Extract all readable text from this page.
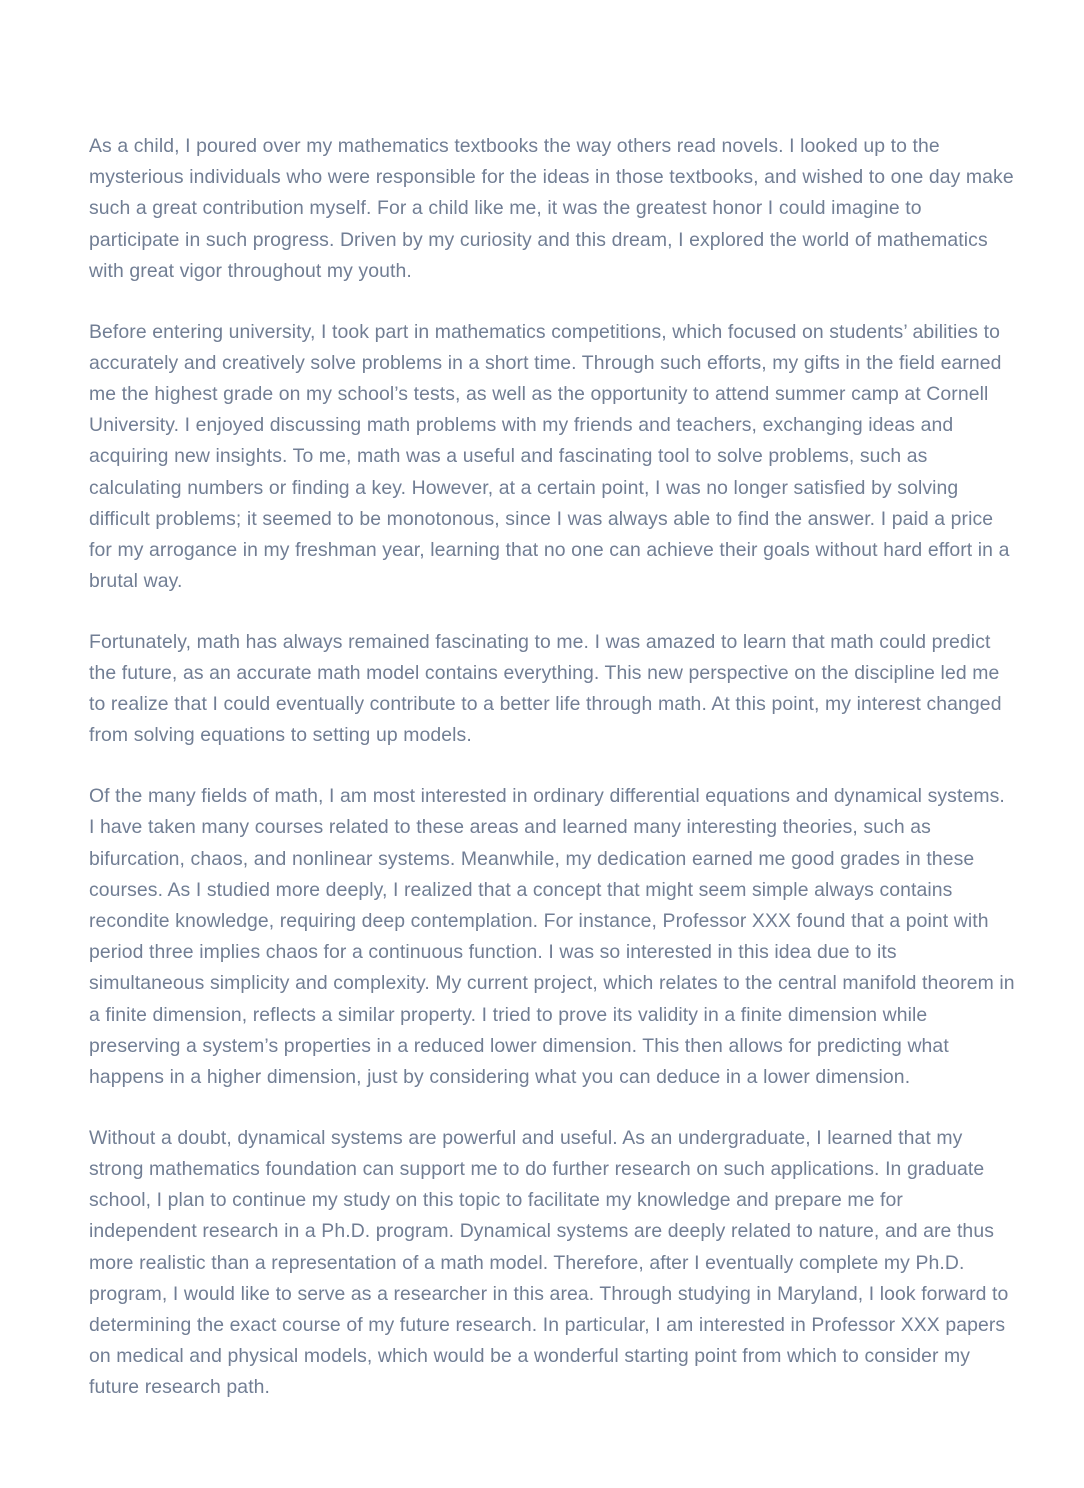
As a child, I poured over my mathematics textbooks the way others read novels. I looked up to the mysterious individuals who were responsible for the ideas in those textbooks, and wished to one day make such a great contribution myself. For a child like me, it was the greatest honor I could imagine to participate in such progress. Driven by my curiosity and this dream, I explored the world of mathematics with great vigor throughout my youth.

Before entering university, I took part in mathematics competitions, which focused on students’ abilities to accurately and creatively solve problems in a short time. Through such efforts, my gifts in the field earned me the highest grade on my school’s tests, as well as the opportunity to attend summer camp at Cornell University. I enjoyed discussing math problems with my friends and teachers, exchanging ideas and acquiring new insights. To me, math was a useful and fascinating tool to solve problems, such as calculating numbers or finding a key. However, at a certain point, I was no longer satisfied by solving difficult problems; it seemed to be monotonous, since I was always able to find the answer. I paid a price for my arrogance in my freshman year, learning that no one can achieve their goals without hard effort in a brutal way.

Fortunately, math has always remained fascinating to me. I was amazed to learn that math could predict the future, as an accurate math model contains everything. This new perspective on the discipline led me to realize that I could eventually contribute to a better life through math. At this point, my interest changed from solving equations to setting up models.

Of the many fields of math, I am most interested in ordinary differential equations and dynamical systems. I have taken many courses related to these areas and learned many interesting theories, such as bifurcation, chaos, and nonlinear systems. Meanwhile, my dedication earned me good grades in these courses. As I studied more deeply, I realized that a concept that might seem simple always contains recondite knowledge, requiring deep contemplation. For instance, Professor XXX found that a point with period three implies chaos for a continuous function. I was so interested in this idea due to its simultaneous simplicity and complexity. My current project, which relates to the central manifold theorem in a finite dimension, reflects a similar property. I tried to prove its validity in a finite dimension while preserving a system’s properties in a reduced lower dimension. This then allows for predicting what happens in a higher dimension, just by considering what you can deduce in a lower dimension.

Without a doubt, dynamical systems are powerful and useful. As an undergraduate, I learned that my strong mathematics foundation can support me to do further research on such applications. In graduate school, I plan to continue my study on this topic to facilitate my knowledge and prepare me for independent research in a Ph.D. program. Dynamical systems are deeply related to nature, and are thus more realistic than a representation of a math model. Therefore, after I eventually complete my Ph.D. program, I would like to serve as a researcher in this area. Through studying in Maryland, I look forward to determining the exact course of my future research. In particular, I am interested in Professor XXX papers on medical and physical models, which would be a wonderful starting point from which to consider my future research path.
